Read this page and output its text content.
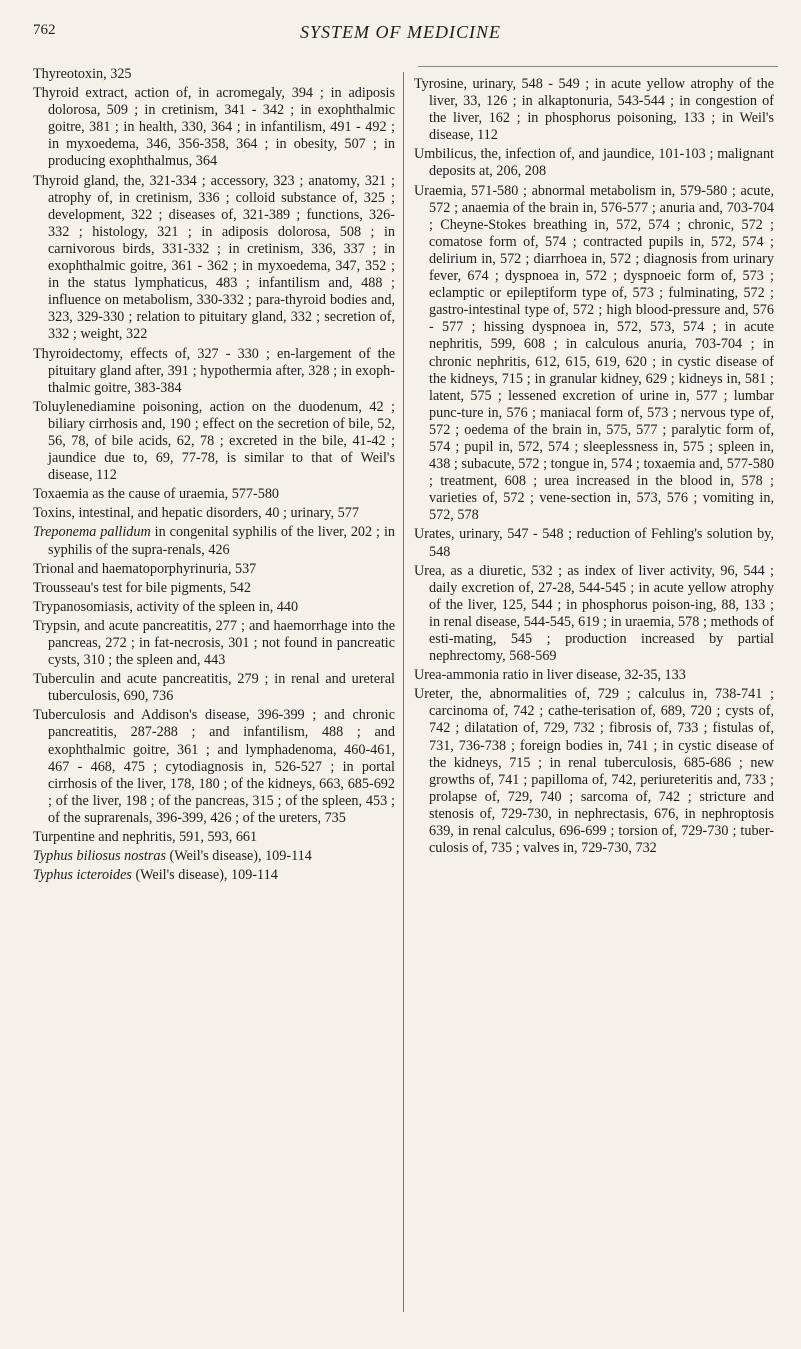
762	SYSTEM OF MEDICINE

Thyreotoxin, 325

Thyroid extract, action of, in acromegaly, 394 ; in adiposis dolorosa, 509 ; in cretinism, 341 - 342 ; in exophthalmic goitre, 381 ; in health, 330, 364 ; in infantilism, 491 - 492 ; in myxoedema, 346, 356-358, 364 ; in obesity, 507 ; in producing exophthalmus, 364

Thyroid gland, the, 321-334 ; accessory, 323 ; anatomy, 321 ; atrophy of, in cretinism, 336 ; colloid substance of, 325 ; development, 322 ; diseases of, 321-389 ; functions, 326-332 ; histology, 321 ; in adiposis dolorosa, 508 ; in carnivorous birds, 331-332 ; in cretinism, 336, 337 ; in exophthalmic goitre, 361 - 362 ; in myxoedema, 347, 352 ; in the status lymphaticus, 483 ; infantilism and, 488 ; influence on metabolism, 330-332 ; para-thyroid bodies and, 323, 329-330 ; relation to pituitary gland, 332 ; secretion of, 332 ; weight, 322

Thyroidectomy, effects of, 327 - 330 ; en-largement of the pituitary gland after, 391 ; hypothermia after, 328 ; in exoph-thalmic goitre, 383-384

Toluylenediamine poisoning, action on the duodenum, 42 ; biliary cirrhosis and, 190 ; effect on the secretion of bile, 52, 56, 78, of bile acids, 62, 78 ; excreted in the bile, 41-42 ; jaundice due to, 69, 77-78, is similar to that of Weil's disease, 112

Toxaemia as the cause of uraemia, 577-580

Toxins, intestinal, and hepatic disorders, 40 ; urinary, 577

Treponema pallidum in congenital syphilis of the liver, 202 ; in syphilis of the supra-renals, 426

Trional and haematoporphyrinuria, 537

Trousseau's test for bile pigments, 542

Trypanosomiasis, activity of the spleen in, 440

Trypsin, and acute pancreatitis, 277 ; and haemorrhage into the pancreas, 272 ; in fat-necrosis, 301 ; not found in pancreatic cysts, 310 ; the spleen and, 443

Tuberculin and acute pancreatitis, 279 ; in renal and ureteral tuberculosis, 690, 736

Tuberculosis and Addison's disease, 396-399 ; and chronic pancreatitis, 287-288 ; and infantilism, 488 ; and exophthalmic goitre, 361 ; and lymphadenoma, 460-461, 467 - 468, 475 ; cytodiagnosis in, 526-527 ; in portal cirrhosis of the liver, 178, 180 ; of the kidneys, 663, 685-692 ; of the liver, 198 ; of the pancreas, 315 ; of the spleen, 453 ; of the suprarenals, 396-399, 426 ; of the ureters, 735

Turpentine and nephritis, 591, 593, 661

Typhus biliosus nostras (Weil's disease), 109-114

Typhus icteroides (Weil's disease), 109-114

Tyrosine, urinary, 548 - 549 ; in acute yellow atrophy of the liver, 33, 126 ; in alkaptonuria, 543-544 ; in congestion of the liver, 162 ; in phosphorus poisoning, 133 ; in Weil's disease, 112

Umbilicus, the, infection of, and jaundice, 101-103 ; malignant deposits at, 206, 208

Uraemia, 571-580 ; abnormal metabolism in, 579-580 ; acute, 572 ; anaemia of the brain in, 576-577 ; anuria and, 703-704 ; Cheyne-Stokes breathing in, 572, 574 ; chronic, 572 ; comatose form of, 574 ; contracted pupils in, 572, 574 ; delirium in, 572 ; diarrhoea in, 572 ; diagnosis from urinary fever, 674 ; dyspnoea in, 572 ; dyspnoeic form of, 573 ; eclamptic or epileptiform type of, 573 ; fulminating, 572 ; gastro-intestinal type of, 572 ; high blood-pressure and, 576 - 577 ; hissing dyspnoea in, 572, 573, 574 ; in acute nephritis, 599, 608 ; in calculous anuria, 703-704 ; in chronic nephritis, 612, 615, 619, 620 ; in cystic disease of the kidneys, 715 ; in granular kidney, 629 ; kidneys in, 581 ; latent, 575 ; lessened excretion of urine in, 577 ; lumbar punc-ture in, 576 ; maniacal form of, 573 ; nervous type of, 572 ; oedema of the brain in, 575, 577 ; paralytic form of, 574 ; pupil in, 572, 574 ; sleeplessness in, 575 ; spleen in, 438 ; subacute, 572 ; tongue in, 574 ; toxaemia and, 577-580 ; treatment, 608 ; urea increased in the blood in, 578 ; varieties of, 572 ; vene-section in, 573, 576 ; vomiting in, 572, 578

Urates, urinary, 547 - 548 ; reduction of Fehling's solution by, 548

Urea, as a diuretic, 532 ; as index of liver activity, 96, 544 ; daily excretion of, 27-28, 544-545 ; in acute yellow atrophy of the liver, 125, 544 ; in phosphorus poison-ing, 88, 133 ; in renal disease, 544-545, 619 ; in uraemia, 578 ; methods of esti-mating, 545 ; production increased by partial nephrectomy, 568-569

Urea-ammonia ratio in liver disease, 32-35, 133

Ureter, the, abnormalities of, 729 ; calculus in, 738-741 ; carcinoma of, 742 ; cathe-terisation of, 689, 720 ; cysts of, 742 ; dilatation of, 729, 732 ; fibrosis of, 733 ; fistulas of, 731, 736-738 ; foreign bodies in, 741 ; in cystic disease of the kidneys, 715 ; in renal tuberculosis, 685-686 ; new growths of, 741 ; papilloma of, 742, periureteritis and, 733 ; prolapse of, 729, 740 ; sarcoma of, 742 ; stricture and stenosis of, 729-730, in nephrectasis, 676, in nephroptosis 639, in renal calculus, 696-699 ; torsion of, 729-730 ; tuber-culosis of, 735 ; valves in, 729-730, 732
